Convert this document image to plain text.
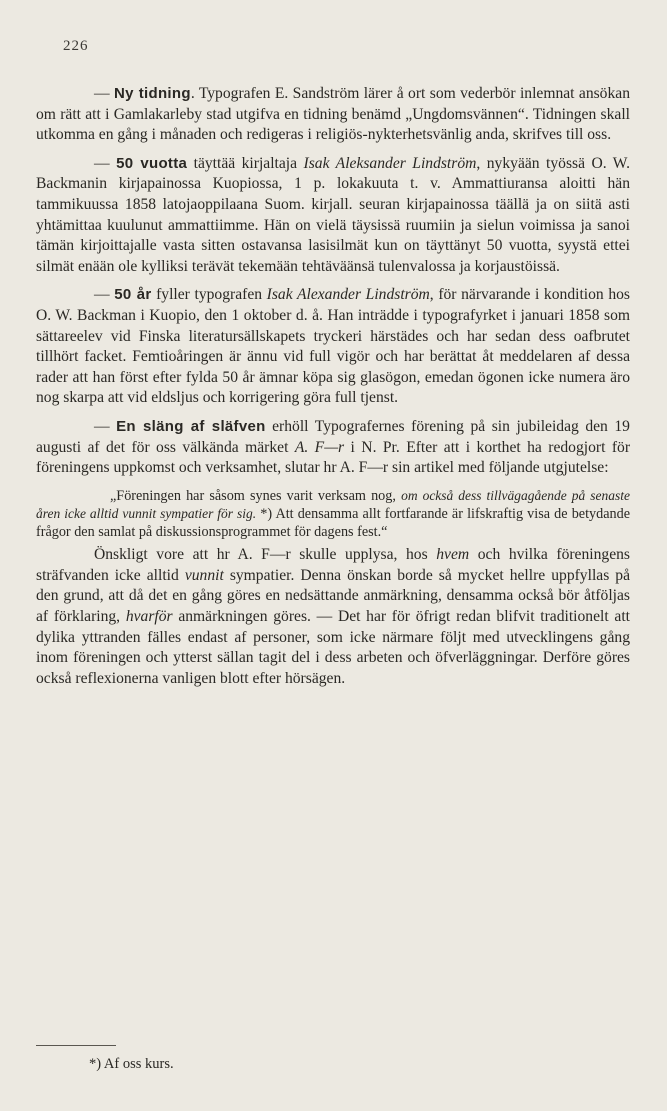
226

— Ny tidning. Typografen E. Sandström lärer å ort som vederbör inlemnat ansökan om rätt att i Gamlakarleby stad utgifva en tidning benämd „Ungdomsvännen“. Tidningen skall utkomma en gång i månaden och redigeras i religiös-nykterhetsvänlig anda, skrifves till oss.

— 50 vuotta täyttää kirjaltaja Isak Aleksander Lindström, nykyään työssä O. W. Backmanin kirjapainossa Kuopiossa, 1 p. lokakuuta t. v. Ammattiuransa aloitti hän tammikuussa 1858 latojaoppilaana Suom. kirjall. seuran kirjapainossa täällä ja on siitä asti yhtämittaa kuulunut ammattiimme. Hän on vielä täysissä ruumiin ja sielun voimissa ja sanoi tämän kirjoittajalle vasta sitten ostavansa lasisilmät kun on täyttänyt 50 vuotta, syystä ettei silmät enään ole kylliksi terävät tekemään tehtäväänsä tulenvalossa ja korjaustöissä.

— 50 år fyller typografen Isak Alexander Lindström, för närvarande i kondition hos O. W. Backman i Kuopio, den 1 oktober d. å. Han inträdde i typografyrket i januari 1858 som sättareelev vid Finska literatursällskapets tryckeri härstädes och har sedan dess oafbrutet tillhört facket. Femtioåringen är ännu vid full vigör och har berättat åt meddelaren af dessa rader att han först efter fylda 50 år ämnar köpa sig glasögon, emedan ögonen icke numera äro nog skarpa att vid eldsljus och korrigering göra full tjenst.

— En släng af släfven erhöll Typografernes förening på sin jubileidag den 19 augusti af det för oss välkända märket A. F—r i N. Pr. Efter att i korthet ha redogjort för föreningens uppkomst och verksamhet, slutar hr A. F—r sin artikel med följande utgjutelse:

„Föreningen har såsom synes varit verksam nog, om också dess tillvägagående på senaste åren icke alltid vunnit sympatier för sig. *) Att densamma allt fortfarande är lifskraftig visa de betydande frågor den samlat på diskussionsprogrammet för dagens fest.“

Önskligt vore att hr A. F—r skulle upplysa, hos hvem och hvilka föreningens sträfvanden icke alltid vunnit sympatier. Denna önskan borde så mycket hellre uppfyllas på den grund, att då det en gång göres en nedsättande anmärkning, densamma också bör åtföljas af förklaring, hvarför anmärkningen göres. — Det har för öfrigt redan blifvit traditionelt att dylika yttranden fälles endast af personer, som icke närmare följt med utvecklingens gång inom föreningen och ytterst sällan tagit del i dess arbeten och öfverläggningar. Derföre göres också reflexionerna vanligen blott efter hörsägen.

*) Af oss kurs.
